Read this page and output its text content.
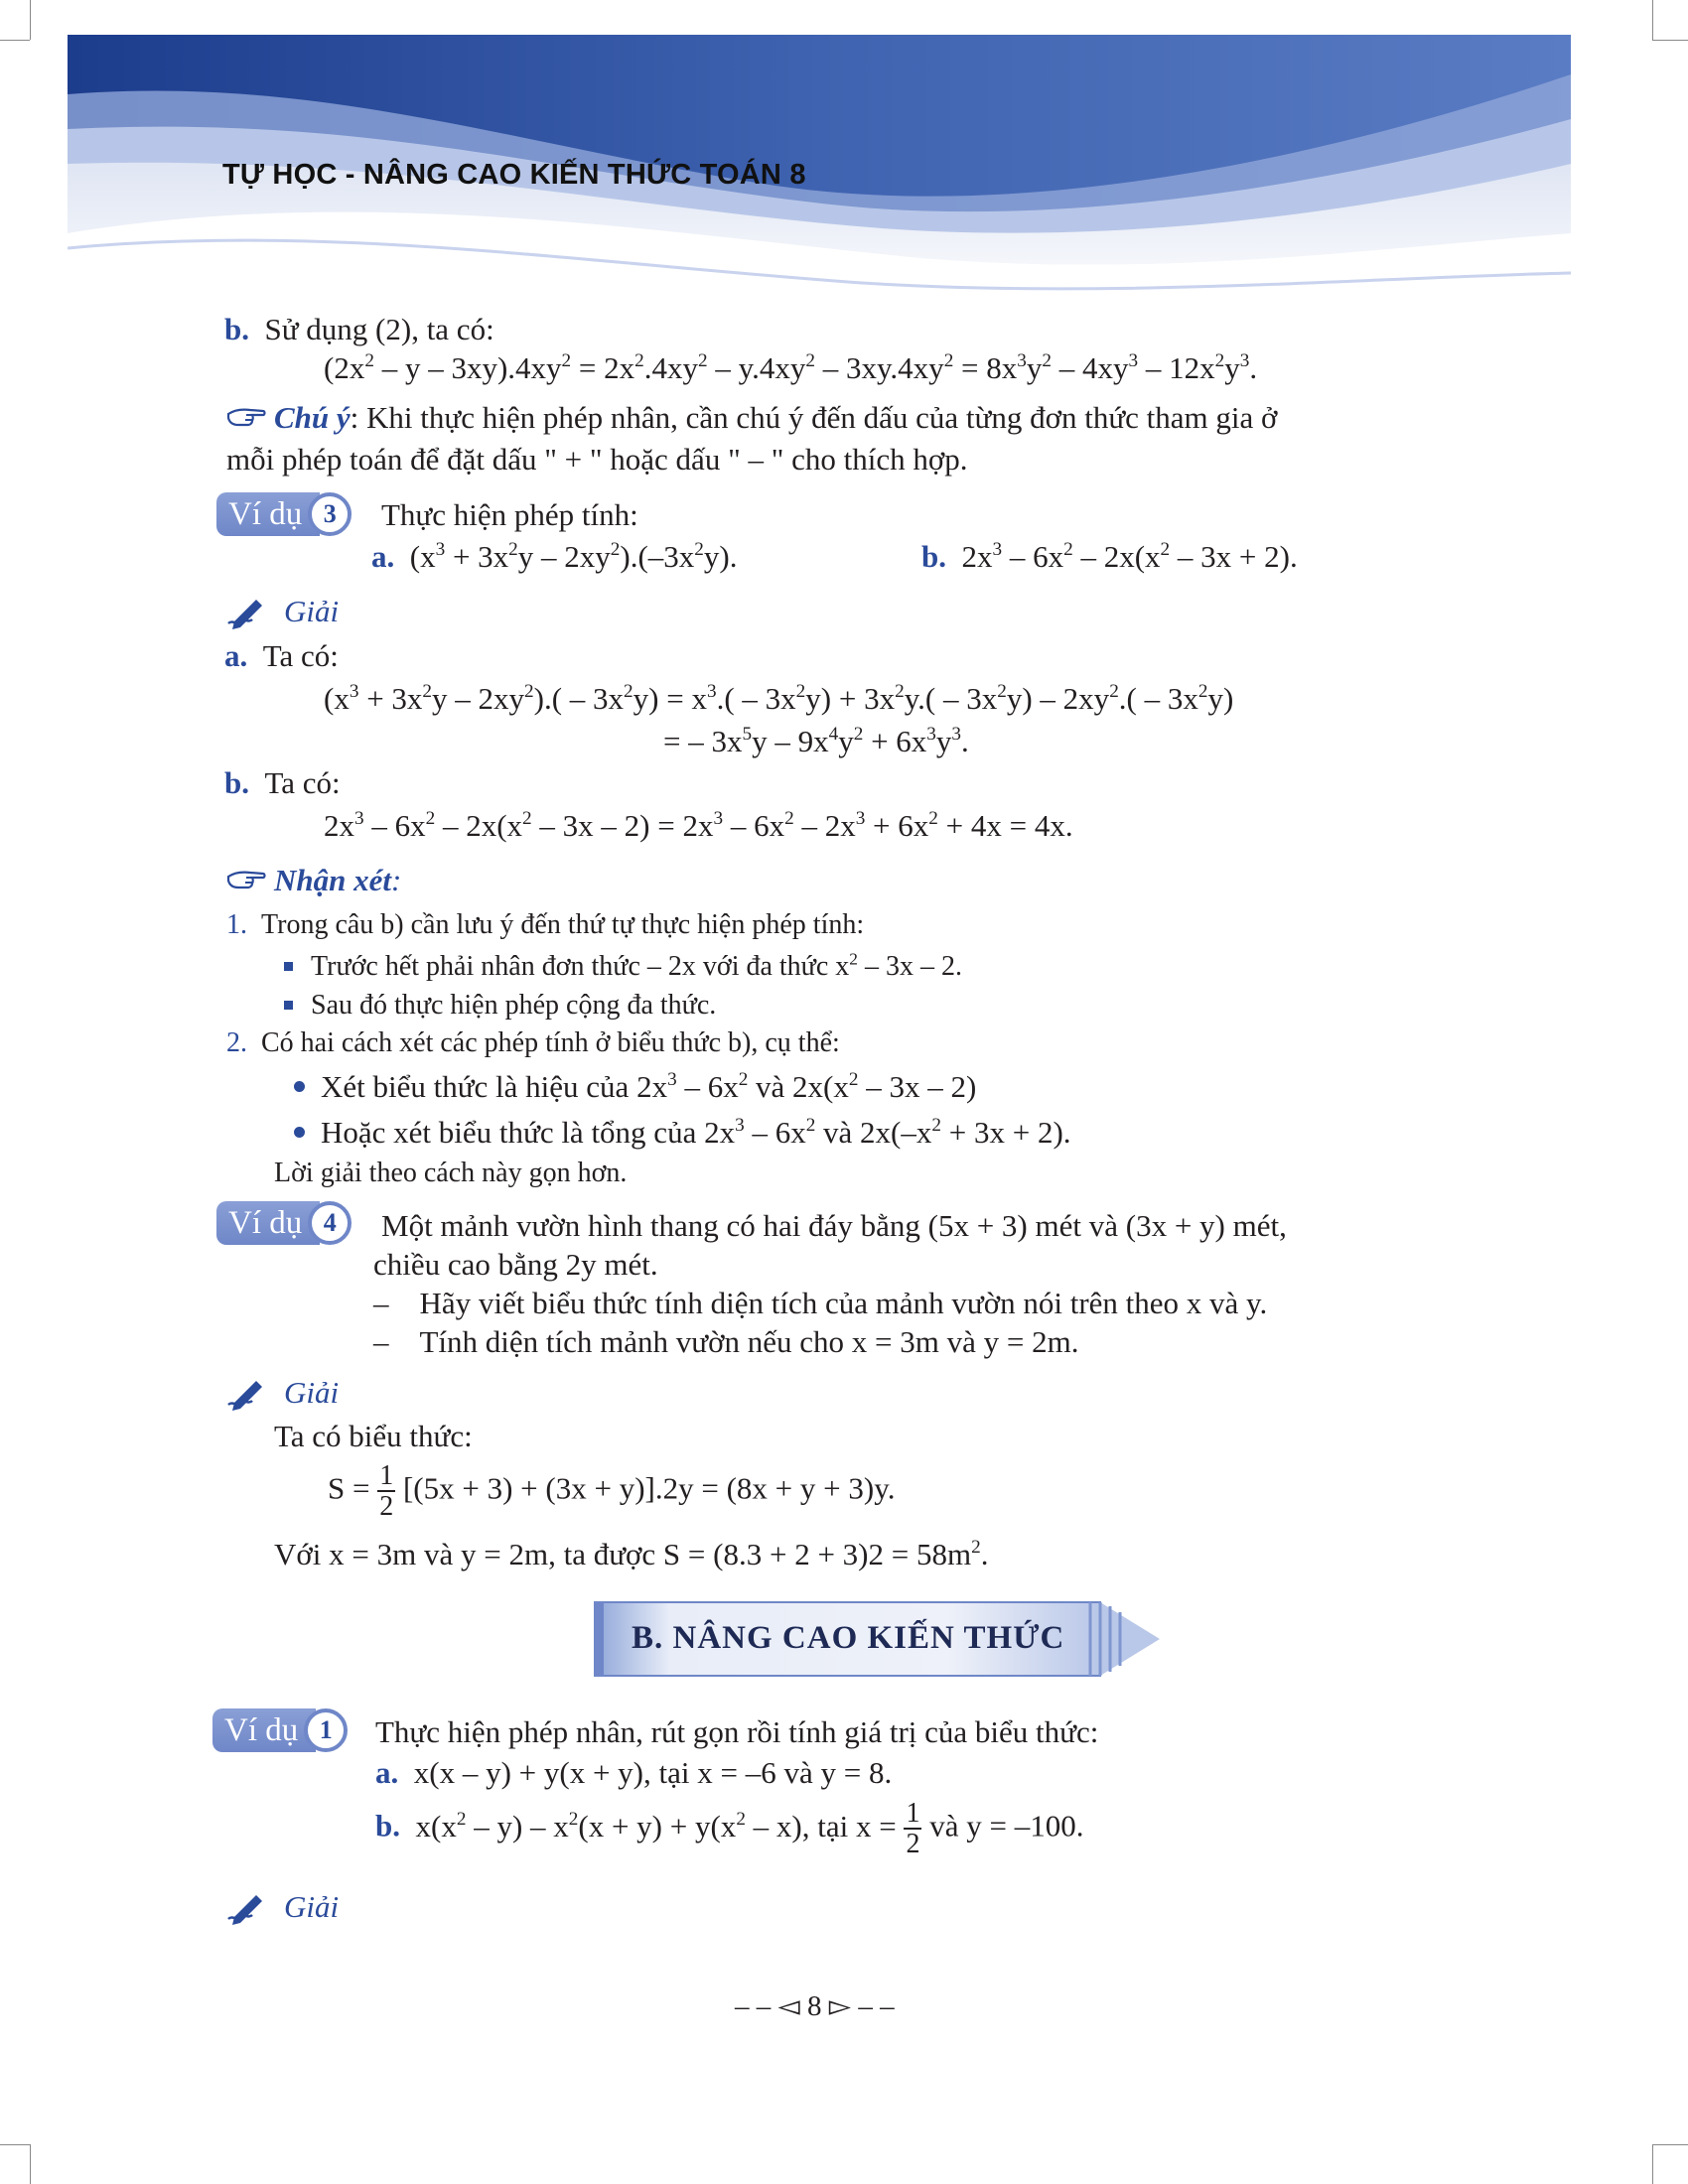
TỰ HỌC - NÂNG CAO KIẾN THỨC TOÁN 8
b. Sử dụng (2), ta có:
$(2x^2 - y - 3xy).4xy^2 = 2x^2.4xy^2 - y.4xy^2 - 3xy.4xy^2 = 8x^3y^2 - 4xy^3 - 12x^2y^3$.
Chú ý: Khi thực hiện phép nhân, cần chú ý đến dấu của từng đơn thức tham gia ở
mỗi phép toán để đặt dấu " + " hoặc dấu " – " cho thích hợp.
Ví dụ 3	Thực hiện phép tính:
a. $(x^3 + 3x^2y - 2xy^2).(-3x^2y)$.	b. $2x^3 - 6x^2 - 2x(x^2 - 3x + 2)$.
Giải
a. Ta có:
$(x^3 + 3x^2y - 2xy^2).( - 3x^2y) = x^3.( - 3x^2y) + 3x^2y.( - 3x^2y) - 2xy^2.( - 3x^2y)$
= – $3x^5y - 9x^4y^2 + 6x^3y^3$.
b. Ta có:
$2x^3 - 6x^2 - 2x(x^2 - 3x - 2) = 2x^3 - 6x^2 - 2x^3 + 6x^2 + 4x = 4x$.
Nhận xét:
1. Trong câu b) cần lưu ý đến thứ tự thực hiện phép tính:
Trước hết phải nhân đơn thức – 2x với đa thức $x^2 - 3x - 2$.
Sau đó thực hiện phép cộng đa thức.
2. Có hai cách xét các phép tính ở biểu thức b), cụ thể:
Xét biểu thức là hiệu của $2x^3 - 6x^2$ và $2x(x^2 - 3x - 2)$
Hoặc xét biểu thức là tổng của $2x^3 - 6x^2$ và $2x(-x^2 + 3x + 2)$.
Lời giải theo cách này gọn hơn.
Ví dụ 4	Một mảnh vườn hình thang có hai đáy bằng (5x + 3) mét và (3x + y) mét,
chiều cao bằng 2y mét.
– Hãy viết biểu thức tính diện tích của mảnh vườn nói trên theo x và y.
– Tính diện tích mảnh vườn nếu cho x = 3m và y = 2m.
Giải
Ta có biểu thức:
$S = \frac{1}{2} [(5x + 3) + (3x + y)].2y = (8x + y + 3)y$.
Với x = 3m và y = 2m, ta được $S = (8.3 + 2 + 3)2 = 58m^2$.
B. NÂNG CAO KIẾN THỨC
Ví dụ 1	Thực hiện phép nhân, rút gọn rồi tính giá trị của biểu thức:
a. x(x – y) + y(x + y), tại x = –6 và y = 8.
b. $x(x^2 - y) - x^2(x + y) + y(x^2 - x)$, tại $x = \frac{1}{2}$ và y = –100.
Giải
– – ◅ 8 ▻ – –
